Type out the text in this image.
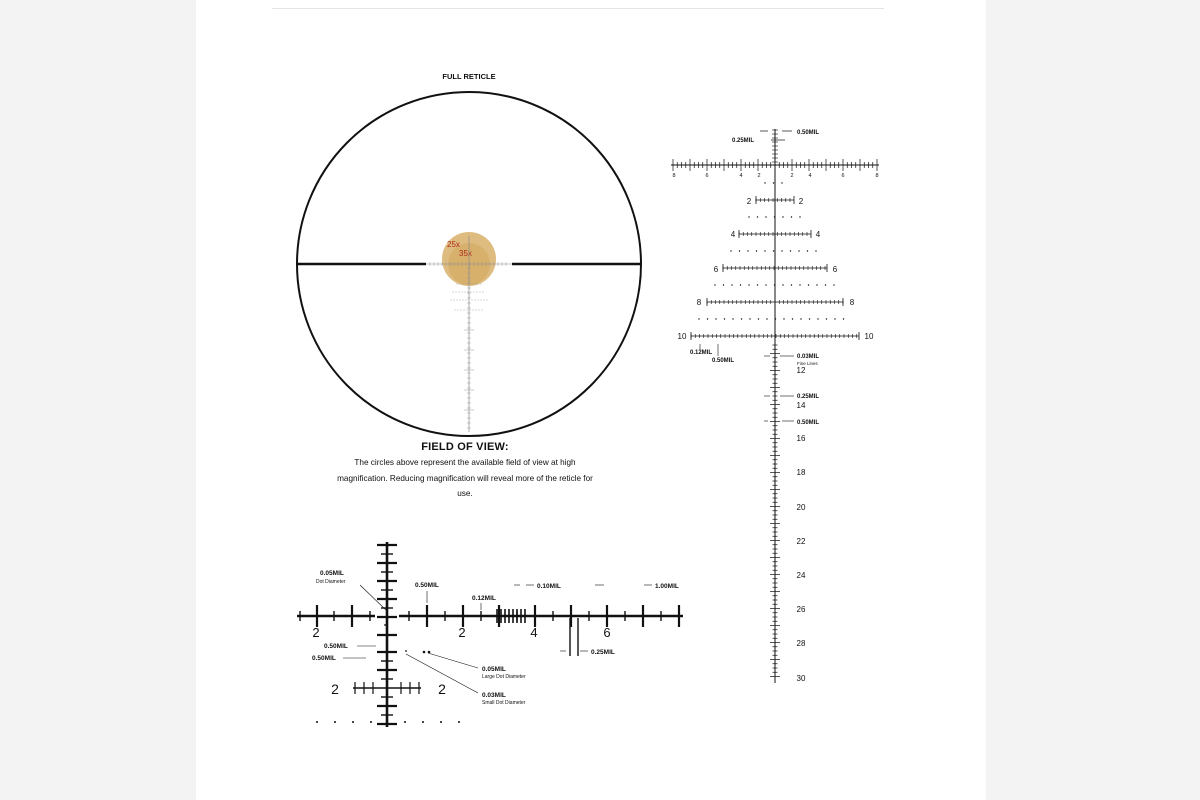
FULL RETICLE
25x
35x
0.50MIL
0.25MIL
8	6	4	2	2	4	6	8
2	2
4	4
6	6
8	8
10	10
0.12MIL
0.50MIL
0.03MIL
Fine Lines
0.25MIL
0.50MIL
12
14
16
18
20
22
24
26
28
30
0.05MIL
Dot Diameter	0.50MIL
0.12MIL
0.10MIL	1.00MIL
0.50MIL
0.50MIL
0.25MIL
0.05MIL
Large Dot Diameter
0.03MIL
Small Dot Diameter
2	2	4	6
2	2
FIELD OF VIEW:
The circles above represent the available field of view at high magnification. Reducing magnification will reveal more of the reticle for use.
